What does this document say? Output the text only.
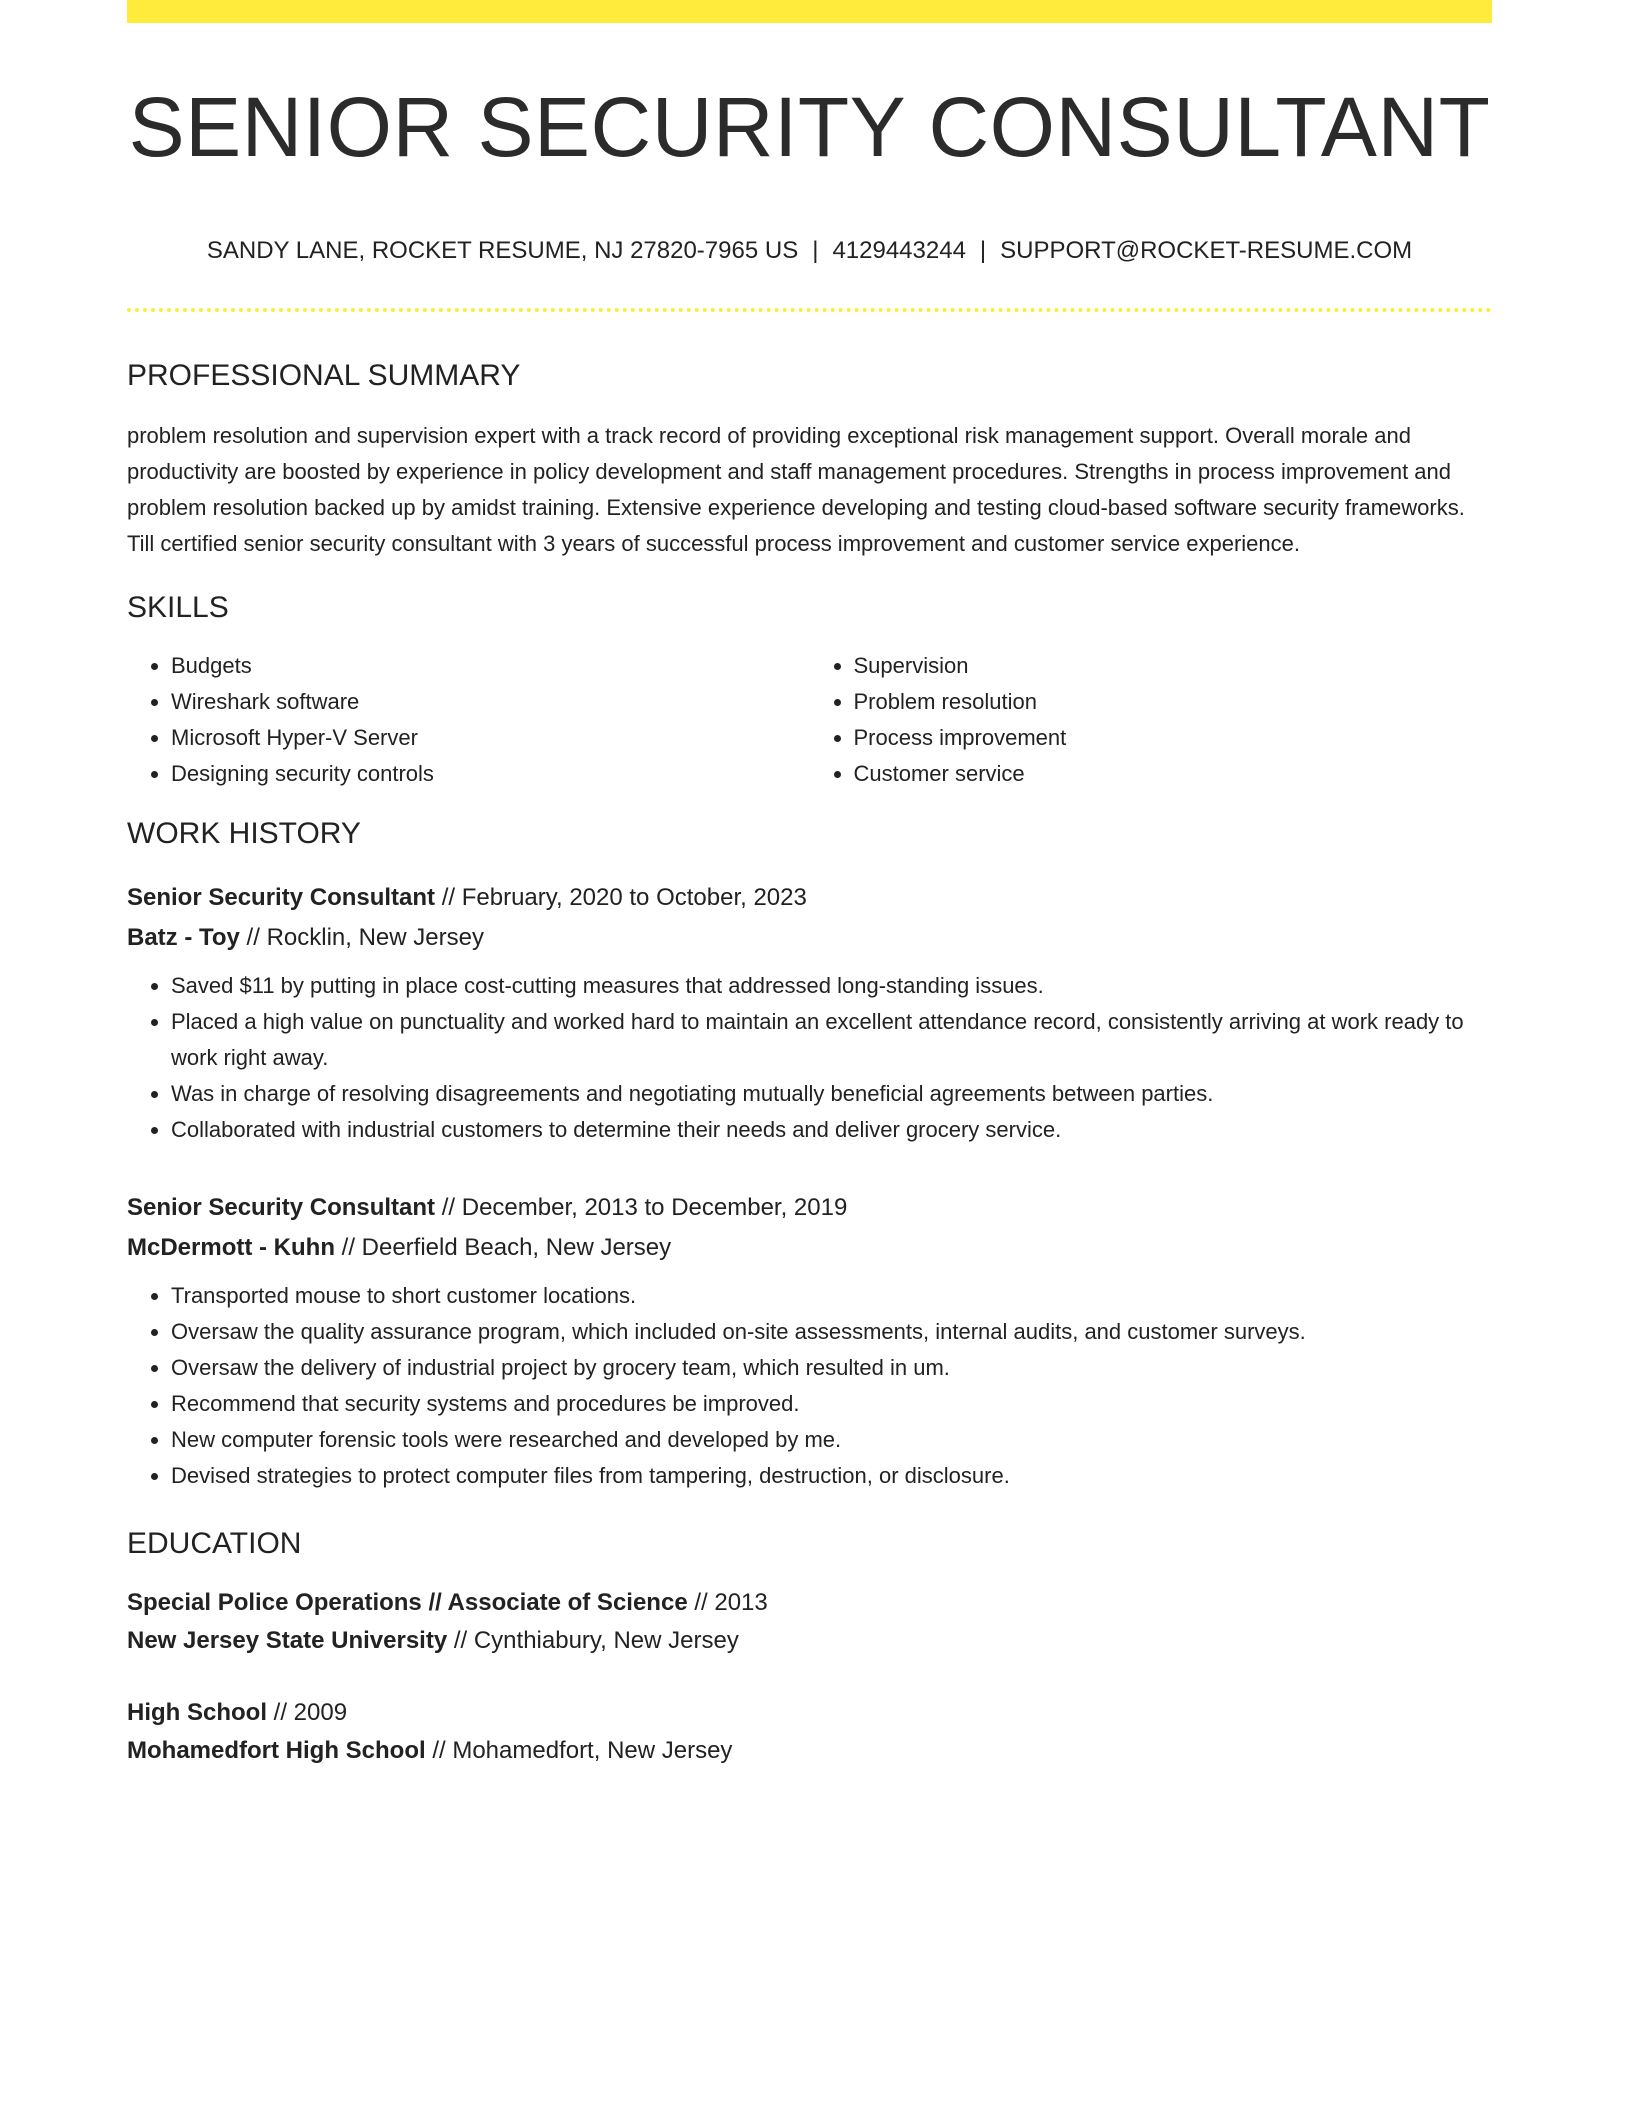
SENIOR SECURITY CONSULTANT
SANDY LANE, ROCKET RESUME, NJ 27820-7965 US | 4129443244 | SUPPORT@ROCKET-RESUME.COM
PROFESSIONAL SUMMARY

problem resolution and supervision expert with a track record of providing exceptional risk management support. Overall morale and productivity are boosted by experience in policy development and staff management procedures. Strengths in process improvement and problem resolution backed up by amidst training. Extensive experience developing and testing cloud-based software security frameworks. Till certified senior security consultant with 3 years of successful process improvement and customer service experience.

SKILLS
• Budgets
• Wireshark software
• Microsoft Hyper-V Server
• Designing security controls
• Supervision
• Problem resolution
• Process improvement
• Customer service
WORK HISTORY
Senior Security Consultant // February, 2020 to October, 2023
Batz - Toy // Rocklin, New Jersey
• Saved $11 by putting in place cost-cutting measures that addressed long-standing issues.
• Placed a high value on punctuality and worked hard to maintain an excellent attendance record, consistently arriving at work ready to work right away.
• Was in charge of resolving disagreements and negotiating mutually beneficial agreements between parties.
• Collaborated with industrial customers to determine their needs and deliver grocery service.
Senior Security Consultant // December, 2013 to December, 2019
McDermott - Kuhn // Deerfield Beach, New Jersey
• Transported mouse to short customer locations.
• Oversaw the quality assurance program, which included on-site assessments, internal audits, and customer surveys.
• Oversaw the delivery of industrial project by grocery team, which resulted in um.
• Recommend that security systems and procedures be improved.
• New computer forensic tools were researched and developed by me.
• Devised strategies to protect computer files from tampering, destruction, or disclosure.
EDUCATION
Special Police Operations // Associate of Science // 2013
New Jersey State University // Cynthiabury, New Jersey
High School // 2009
Mohamedfort High School // Mohamedfort, New Jersey
